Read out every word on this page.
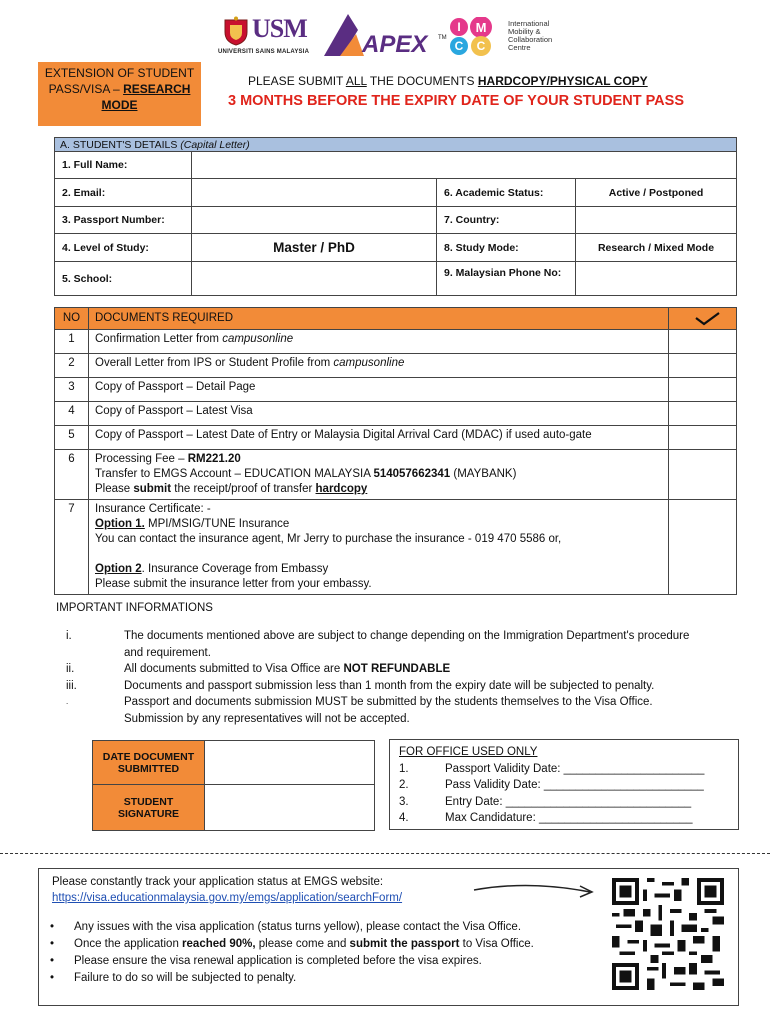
USM
UNIVERSITI SAINS MALAYSIA APEX	TM
I M
C C
International
Mobility &
Collaboration
Centre
EXTENSION OF STUDENT
PASS/VISA – RESEARCH
MODE
PLEASE SUBMIT ALL THE DOCUMENTS HARDCOPY/PHYSICAL COPY
3 MONTHS BEFORE THE EXPIRY DATE OF YOUR STUDENT PASS
A. STUDENT'S DETAILS (Capital Letter)			
1. Full Name:			
2. Email:		6. Academic Status:	Active / Postponed
3. Passport Number:		7. Country:	
4. Level of Study:	Master / PhD	8. Study Mode:	Research / Mixed Mode
5. School:		9. Malaysian Phone No:	
NO	DOCUMENTS REQUIRED	

1	Confirmation Letter from campusonline	
2	Overall Letter from IPS or Student Profile from campusonline	
3	Copy of Passport – Detail Page	
4	Copy of Passport – Latest Visa	
5	Copy of Passport – Latest Date of Entry or Malaysia Digital Arrival Card (MDAC) if used auto-gate	
6	Processing Fee – RM221.20
Transfer to EMGS Account – EDUCATION MALAYSIA 514057662341 (MAYBANK)
Please submit the receipt/proof of transfer hardcopy	

7	Insurance Certificate: -
Option 1. MPI/MSIG/TUNE Insurance
You can contact the insurance agent, Mr Jerry to purchase the insurance - 019 470 5586 or,
Option 2. Insurance Coverage from Embassy
Please submit the insurance letter from your embassy.	

IMPORTANT INFORMATIONS
i.	The documents mentioned above are subject to change depending on the Immigration Department's procedure
and requirement.
ii.	All documents submitted to Visa Office are NOT REFUNDABLE
iii.	Documents and passport submission less than 1 month from the expiry date will be subjected to penalty.
.	Passport and documents submission MUST be submitted by the students themselves to the Visa Office.
Submission by any representatives will not be accepted.
DATE DOCUMENT
SUBMITTED	

STUDENT
SIGNATURE	

FOR OFFICE USED ONLY
1.	Passport Validity Date: ______________________
2.	Pass Validity Date: _________________________
3.	Entry Date: _____________________________
4.	Max Candidature: ________________________
Please constantly track your application status at EMGS website:
https://visa.educationmalaysia.gov.my/emgs/application/searchForm/
•	Any issues with the visa application (status turns yellow), please contact the Visa Office.
•	Once the application reached 90%, please come and submit the passport to Visa Office.
•	Please ensure the visa renewal application is completed before the visa expires.
•	Failure to do so will be subjected to penalty.
